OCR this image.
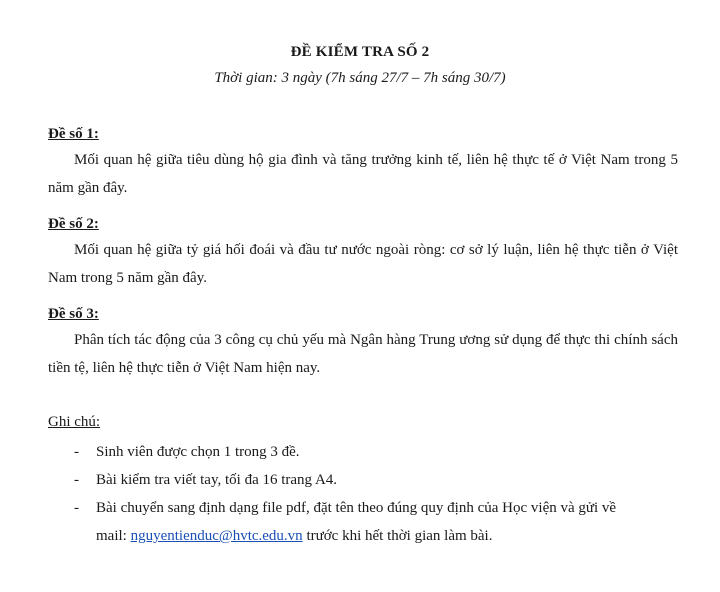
ĐỀ KIỂM TRA SỐ 2
Thời gian: 3 ngày (7h sáng 27/7 – 7h sáng 30/7)
Đề số 1:
Mối quan hệ giữa tiêu dùng hộ gia đình và tăng trưởng kinh tế, liên hệ thực tế ở Việt Nam trong 5 năm gần đây.
Đề số 2:
Mối quan hệ giữa tỷ giá hối đoái và đầu tư nước ngoài ròng: cơ sở lý luận, liên hệ thực tiễn ở Việt Nam trong 5 năm gần đây.
Đề số 3:
Phân tích tác động của 3 công cụ chủ yếu mà Ngân hàng Trung ương sử dụng để thực thi chính sách tiền tệ, liên hệ thực tiễn ở Việt Nam hiện nay.
Ghi chú:
- Sinh viên được chọn 1 trong 3 đề.
- Bài kiểm tra viết tay, tối đa 16 trang A4.
- Bài chuyển sang định dạng file pdf, đặt tên theo đúng quy định của Học viện và gửi về
mail: nguyentienduc@hvtc.edu.vn trước khi hết thời gian làm bài.
